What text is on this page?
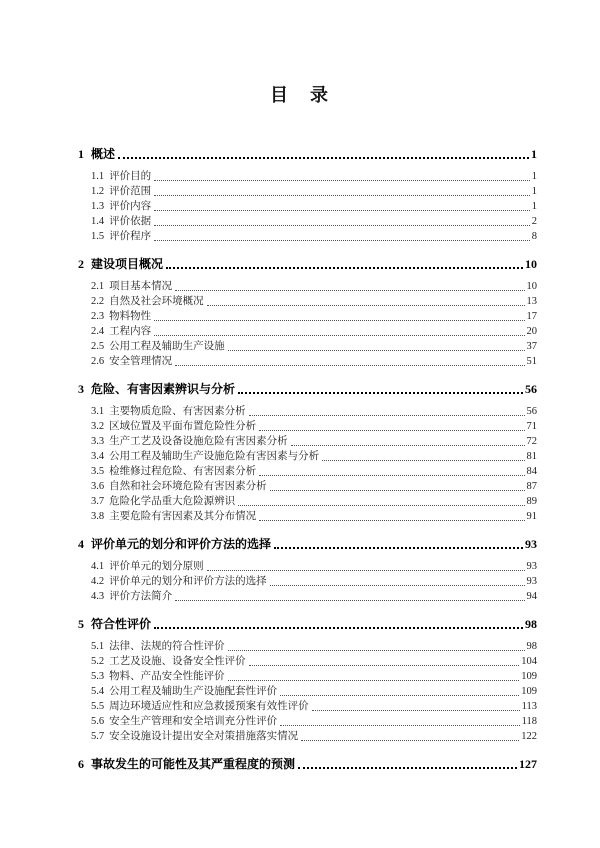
目　录
1 概述	1
1.1 评价目的	1
1.2 评价范围	1
1.3 评价内容	1
1.4 评价依据	2
1.5 评价程序	8
2 建设项目概况	10
2.1 项目基本情况	10
2.2 自然及社会环境概况	13
2.3 物料物性	17
2.4 工程内容	20
2.5 公用工程及辅助生产设施	37
2.6 安全管理情况	51
3 危险、有害因素辨识与分析	56
3.1 主要物质危险、有害因素分析	56
3.2 区域位置及平面布置危险性分析	71
3.3 生产工艺及设备设施危险有害因素分析	72
3.4 公用工程及辅助生产设施危险有害因素与分析	81
3.5 检维修过程危险、有害因素分析	84
3.6 自然和社会环境危险有害因素分析	87
3.7 危险化学品重大危险源辨识	89
3.8 主要危险有害因素及其分布情况	91
4 评价单元的划分和评价方法的选择	93
4.1 评价单元的划分原则	93
4.2 评价单元的划分和评价方法的选择	93
4.3 评价方法简介	94
5 符合性评价	98
5.1 法律、法规的符合性评价	98
5.2 工艺及设施、设备安全性评价	104
5.3 物料、产品安全性能评价	109
5.4 公用工程及辅助生产设施配套性评价	109
5.5 周边环境适应性和应急救援预案有效性评价	113
5.6 安全生产管理和安全培训充分性评价	118
5.7 安全设施设计提出安全对策措施落实情况	122
6 事故发生的可能性及其严重程度的预测	127
